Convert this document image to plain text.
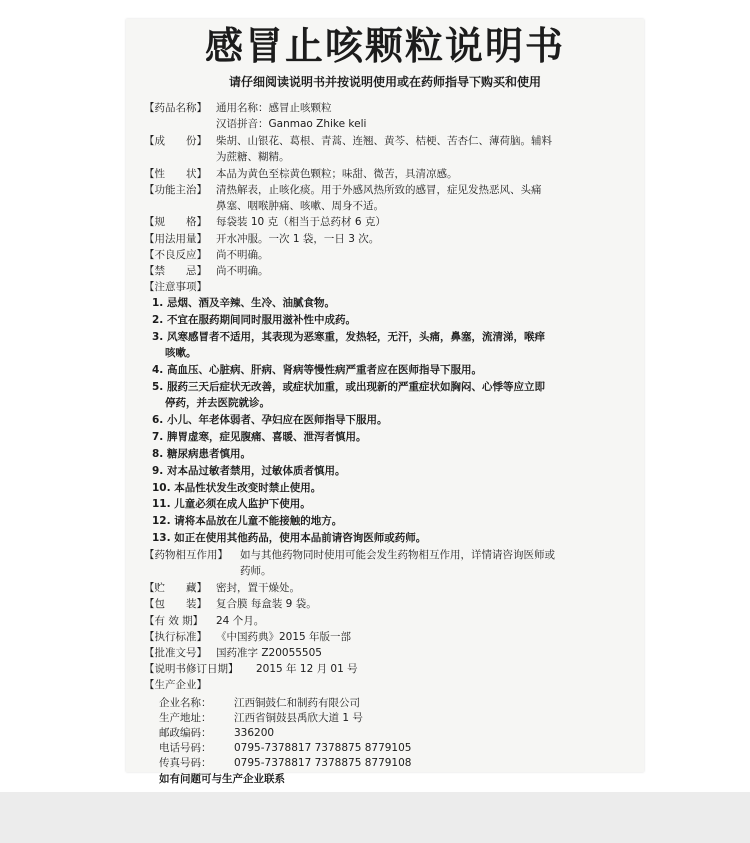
感冒止咳颗粒说明书
请仔细阅读说明书并按说明使用或在药师指导下购买和使用
【药品名称】 通用名称：感冒止咳颗粒
汉语拼音：Ganmao Zhike keli
【成　　份】 柴胡、山银花、葛根、青蒿、连翘、黄芩、桔梗、苦杏仁、薄荷脑。辅料
为蔗糖、糊精。
【性　　状】 本品为黄色至棕黄色颗粒；味甜、微苦，具清凉感。
【功能主治】 清热解表，止咳化痰。用于外感风热所致的感冒，症见发热恶风、头痛
鼻塞、咽喉肿痛、咳嗽、周身不适。
【规　　格】 每袋装 10 克（相当于总药材 6 克）
【用法用量】 开水冲服。一次 1 袋，一日 3 次。
【不良反应】 尚不明确。
【禁　　忌】 尚不明确。
【注意事项】
1. 忌烟、酒及辛辣、生冷、油腻食物。
2. 不宜在服药期间同时服用滋补性中成药。
3. 风寒感冒者不适用，其表现为恶寒重，发热轻，无汗，头痛，鼻塞，流清涕，喉痒
咳嗽。
4. 高血压、心脏病、肝病、肾病等慢性病严重者应在医师指导下服用。
5. 服药三天后症状无改善，或症状加重，或出现新的严重症状如胸闷、心悸等应立即
停药，并去医院就诊。
6. 小儿、年老体弱者、孕妇应在医师指导下服用。
7. 脾胃虚寒，症见腹痛、喜暖、泄泻者慎用。
8. 糖尿病患者慎用。
9. 对本品过敏者禁用，过敏体质者慎用。
10. 本品性状发生改变时禁止使用。
11. 儿童必须在成人监护下使用。
12. 请将本品放在儿童不能接触的地方。
13. 如正在使用其他药品，使用本品前请咨询医师或药师。
【药物相互作用】 如与其他药物同时使用可能会发生药物相互作用，详情请咨询医师或
药师。
【贮　　藏】 密封，置干燥处。
【包　　装】 复合膜 每盒装 9 袋。
【有 效 期】 24 个月。
【执行标准】 《中国药典》2015 年版一部
【批准文号】 国药准字 Z20055505
【说明书修订日期】 2015 年 12 月 01 号
【生产企业】
企业名称： 江西铜鼓仁和制药有限公司
生产地址： 江西省铜鼓县禹欣大道 1 号
邮政编码： 336200
电话号码： 0795-7378817 7378875 8779105
传真号码： 0795-7378817 7378875 8779108
如有问题可与生产企业联系
